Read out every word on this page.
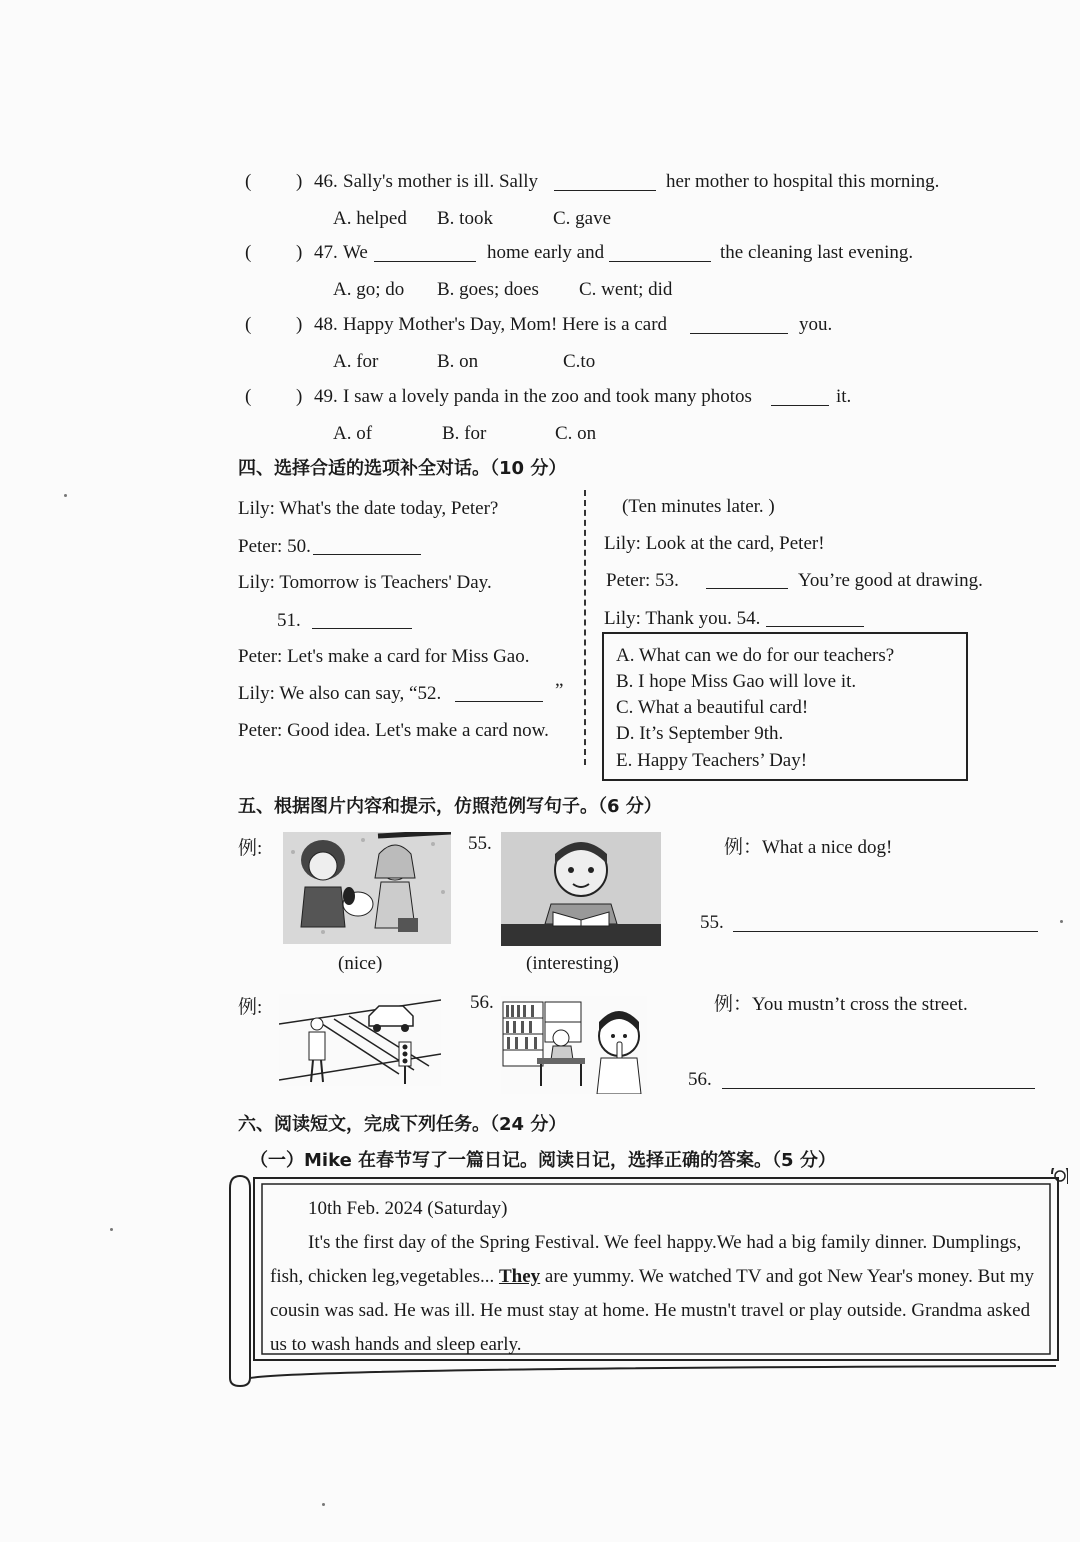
( ) 46. Sally's mother is ill. Sally	her mother to hospital this morning.
A. helped B. took	C. gave
( ) 47. We	home early and	the cleaning last evening.
A. go; do B. goes; does C. went; did
( ) 48. Happy Mother's Day, Mom! Here is a card	you.
A. for	B. on	C.to
( ) 49. I saw a lovely panda in the zoo and took many photos	it.
A. of	B. for	C. on
四、选择合适的选项补全对话。（10 分）
Lily: What's the date today, Peter?
Peter: 50.
Lily: Tomorrow is Teachers' Day.
51.
Peter: Let's make a card for Miss Gao.
Lily: We also can say, “52.	”
Peter: Good idea. Let's make a card now.
(Ten minutes later. )
Lily: Look at the card, Peter!
Peter: 53.	You’re good at drawing.
Lily: Thank you. 54.
A. What can we do for our teachers?
B. I hope Miss Gao will love it.
C. What a beautiful card!
D. It’s September 9th.
E. Happy Teachers’ Day!
五、根据图片内容和提示，仿照范例写句子。（6 分）
例:
(nice)
55.
(interesting)
例：What a nice dog!
55.
例:	56.	例：You mustn’t cross the street.
56.
六、阅读短文，完成下列任务。（24 分）
（一）Mike 在春节写了一篇日记。阅读日记，选择正确的答案。（5 分）
10th Feb. 2024 (Saturday)
It's the first day of the Spring Festival. We feel happy.We had a big family dinner. Dumplings,
fish, chicken leg,vegetables... They are yummy. We watched TV and got New Year's money. But my
cousin was sad. He was ill. He must stay at home. He mustn't travel or play outside. Grandma asked
us to wash hands and sleep early.
